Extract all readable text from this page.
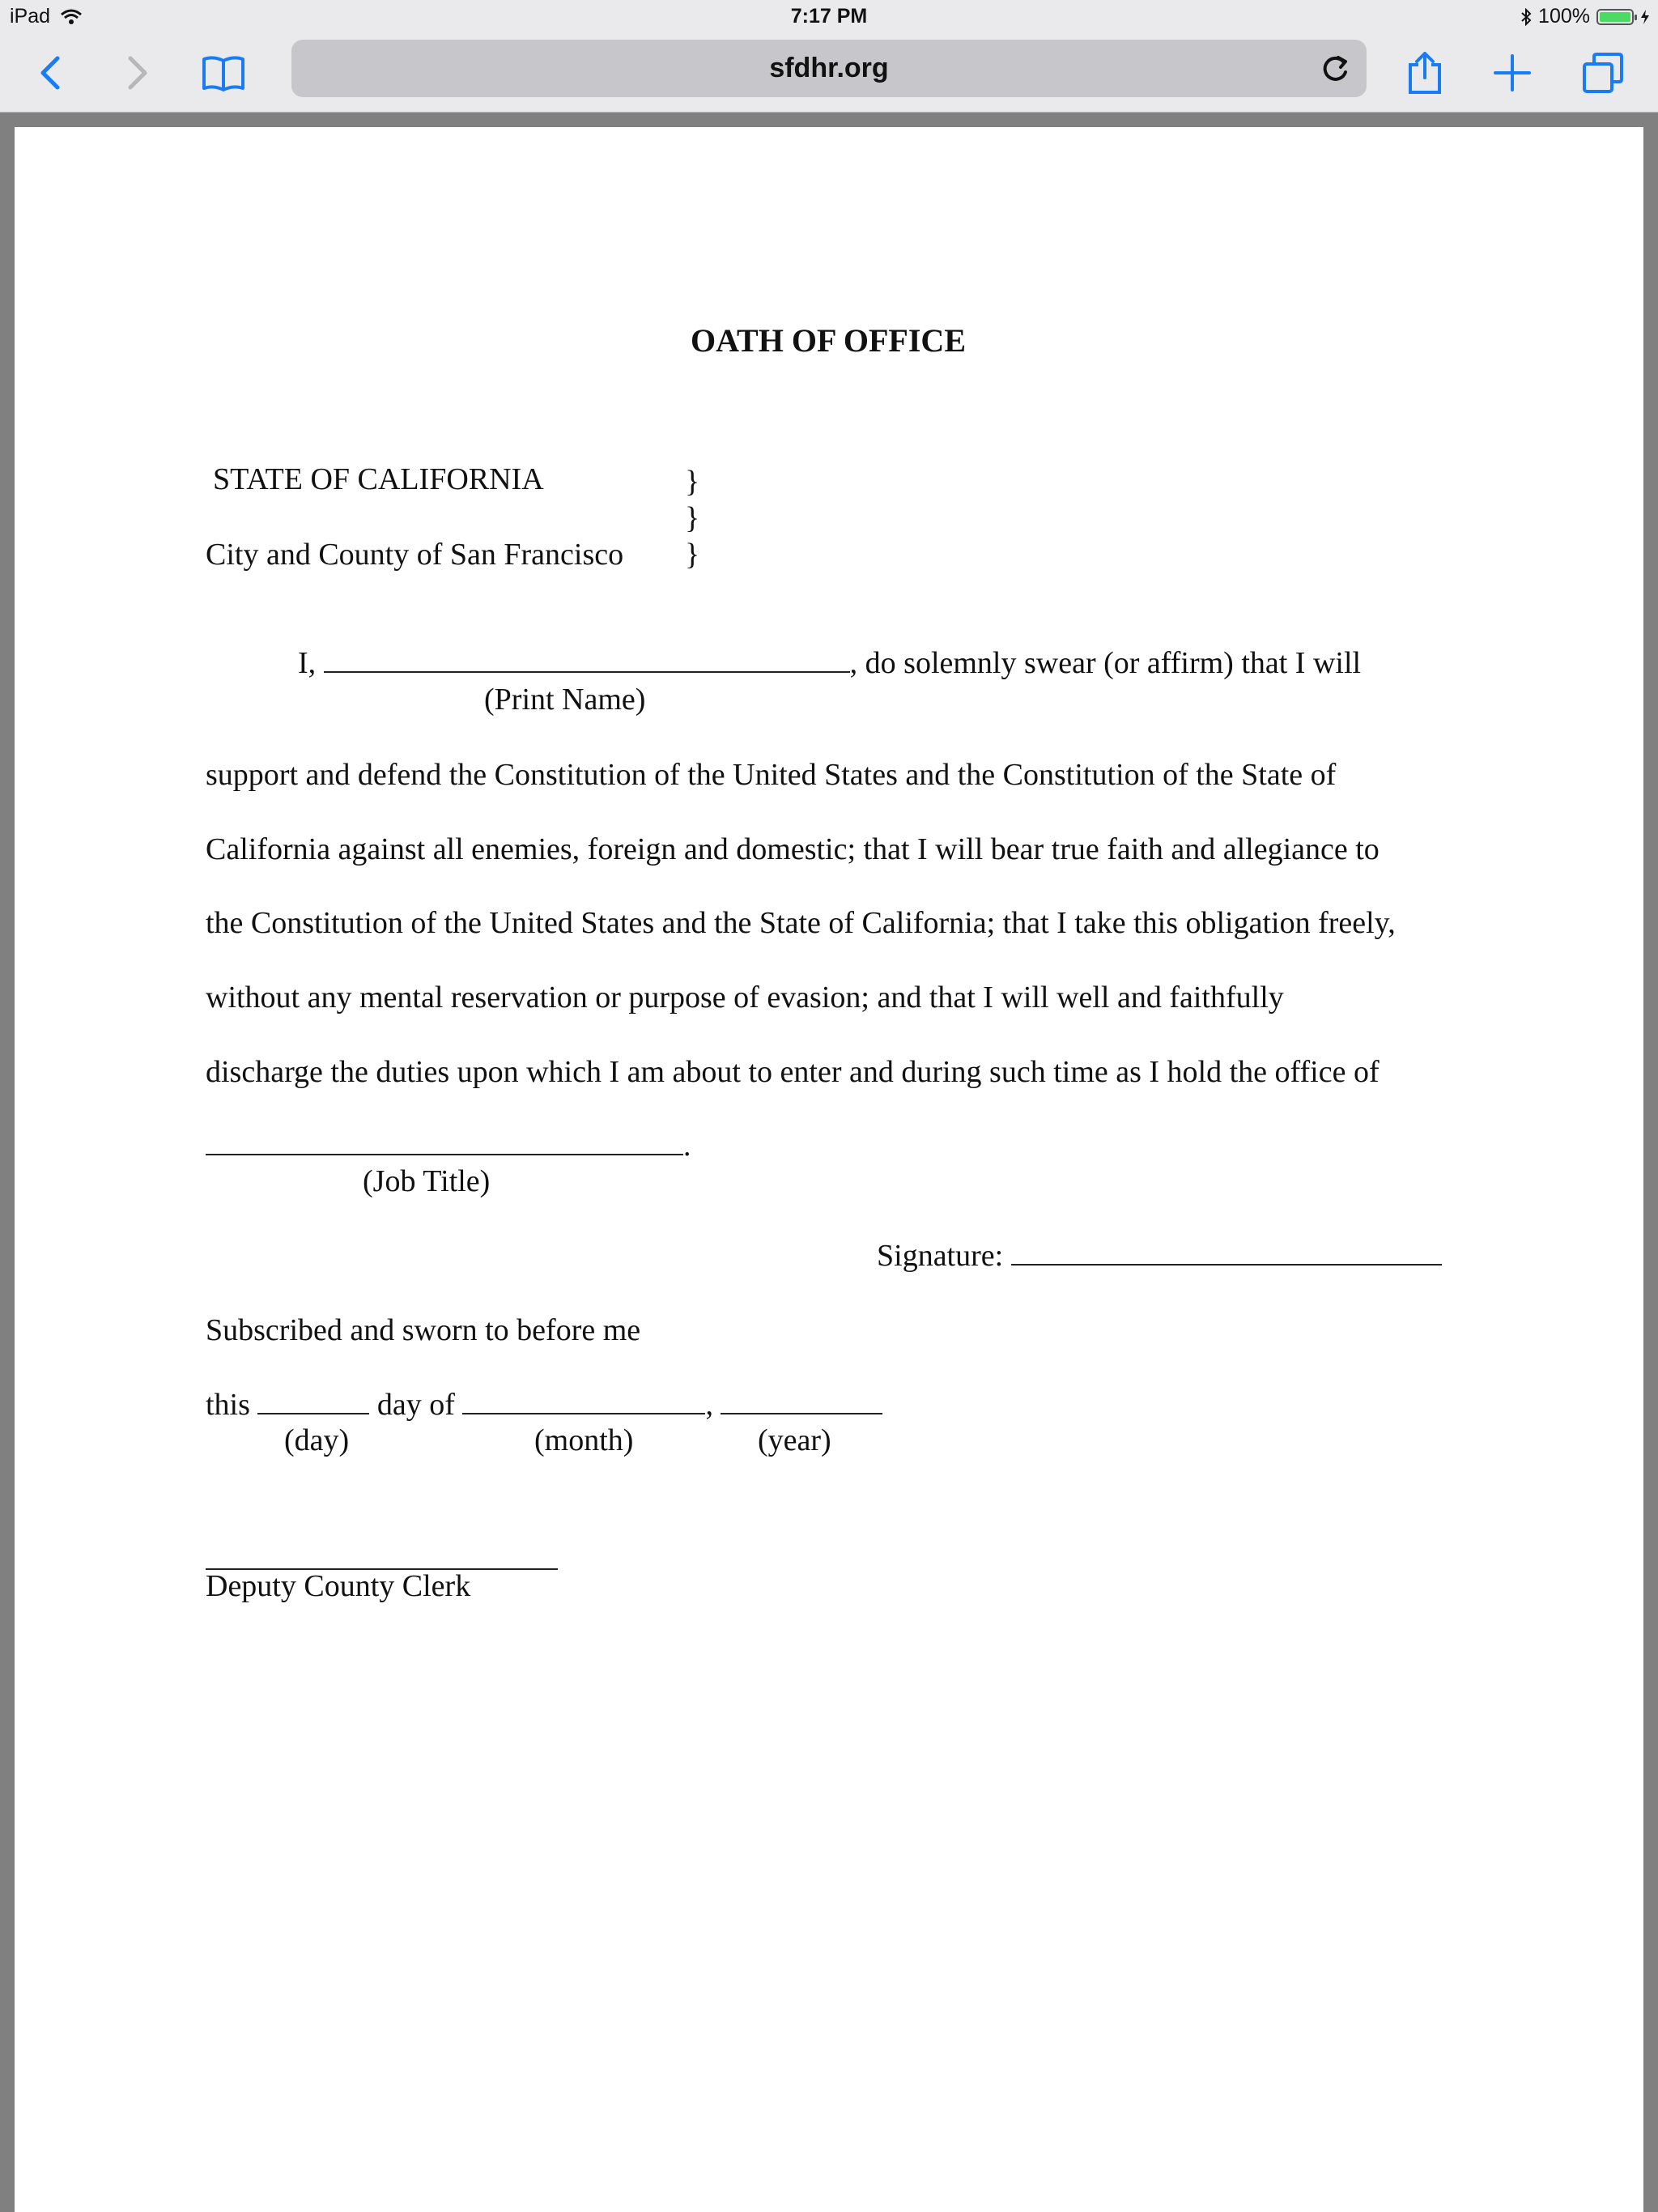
iPad	7:17 PM	100%
sfdhr.org
OATH OF OFFICE
STATE OF CALIFORNIA
City and County of San Francisco
}
}
}
I,	, do solemnly swear (or affirm) that I will
(Print Name)
support and defend the Constitution of the United States and the Constitution of the State of
California against all enemies, foreign and domestic; that I will bear true faith and allegiance to
the Constitution of the United States and the State of California; that I take this obligation freely,
without any mental reservation or purpose of evasion; and that I will well and faithfully
discharge the duties upon which I am about to enter and during such time as I hold the office of
.
(Job Title)
Signature:
Subscribed and sworn to before me
this	day of	,
(day)	(month)	(year)
Deputy County Clerk
